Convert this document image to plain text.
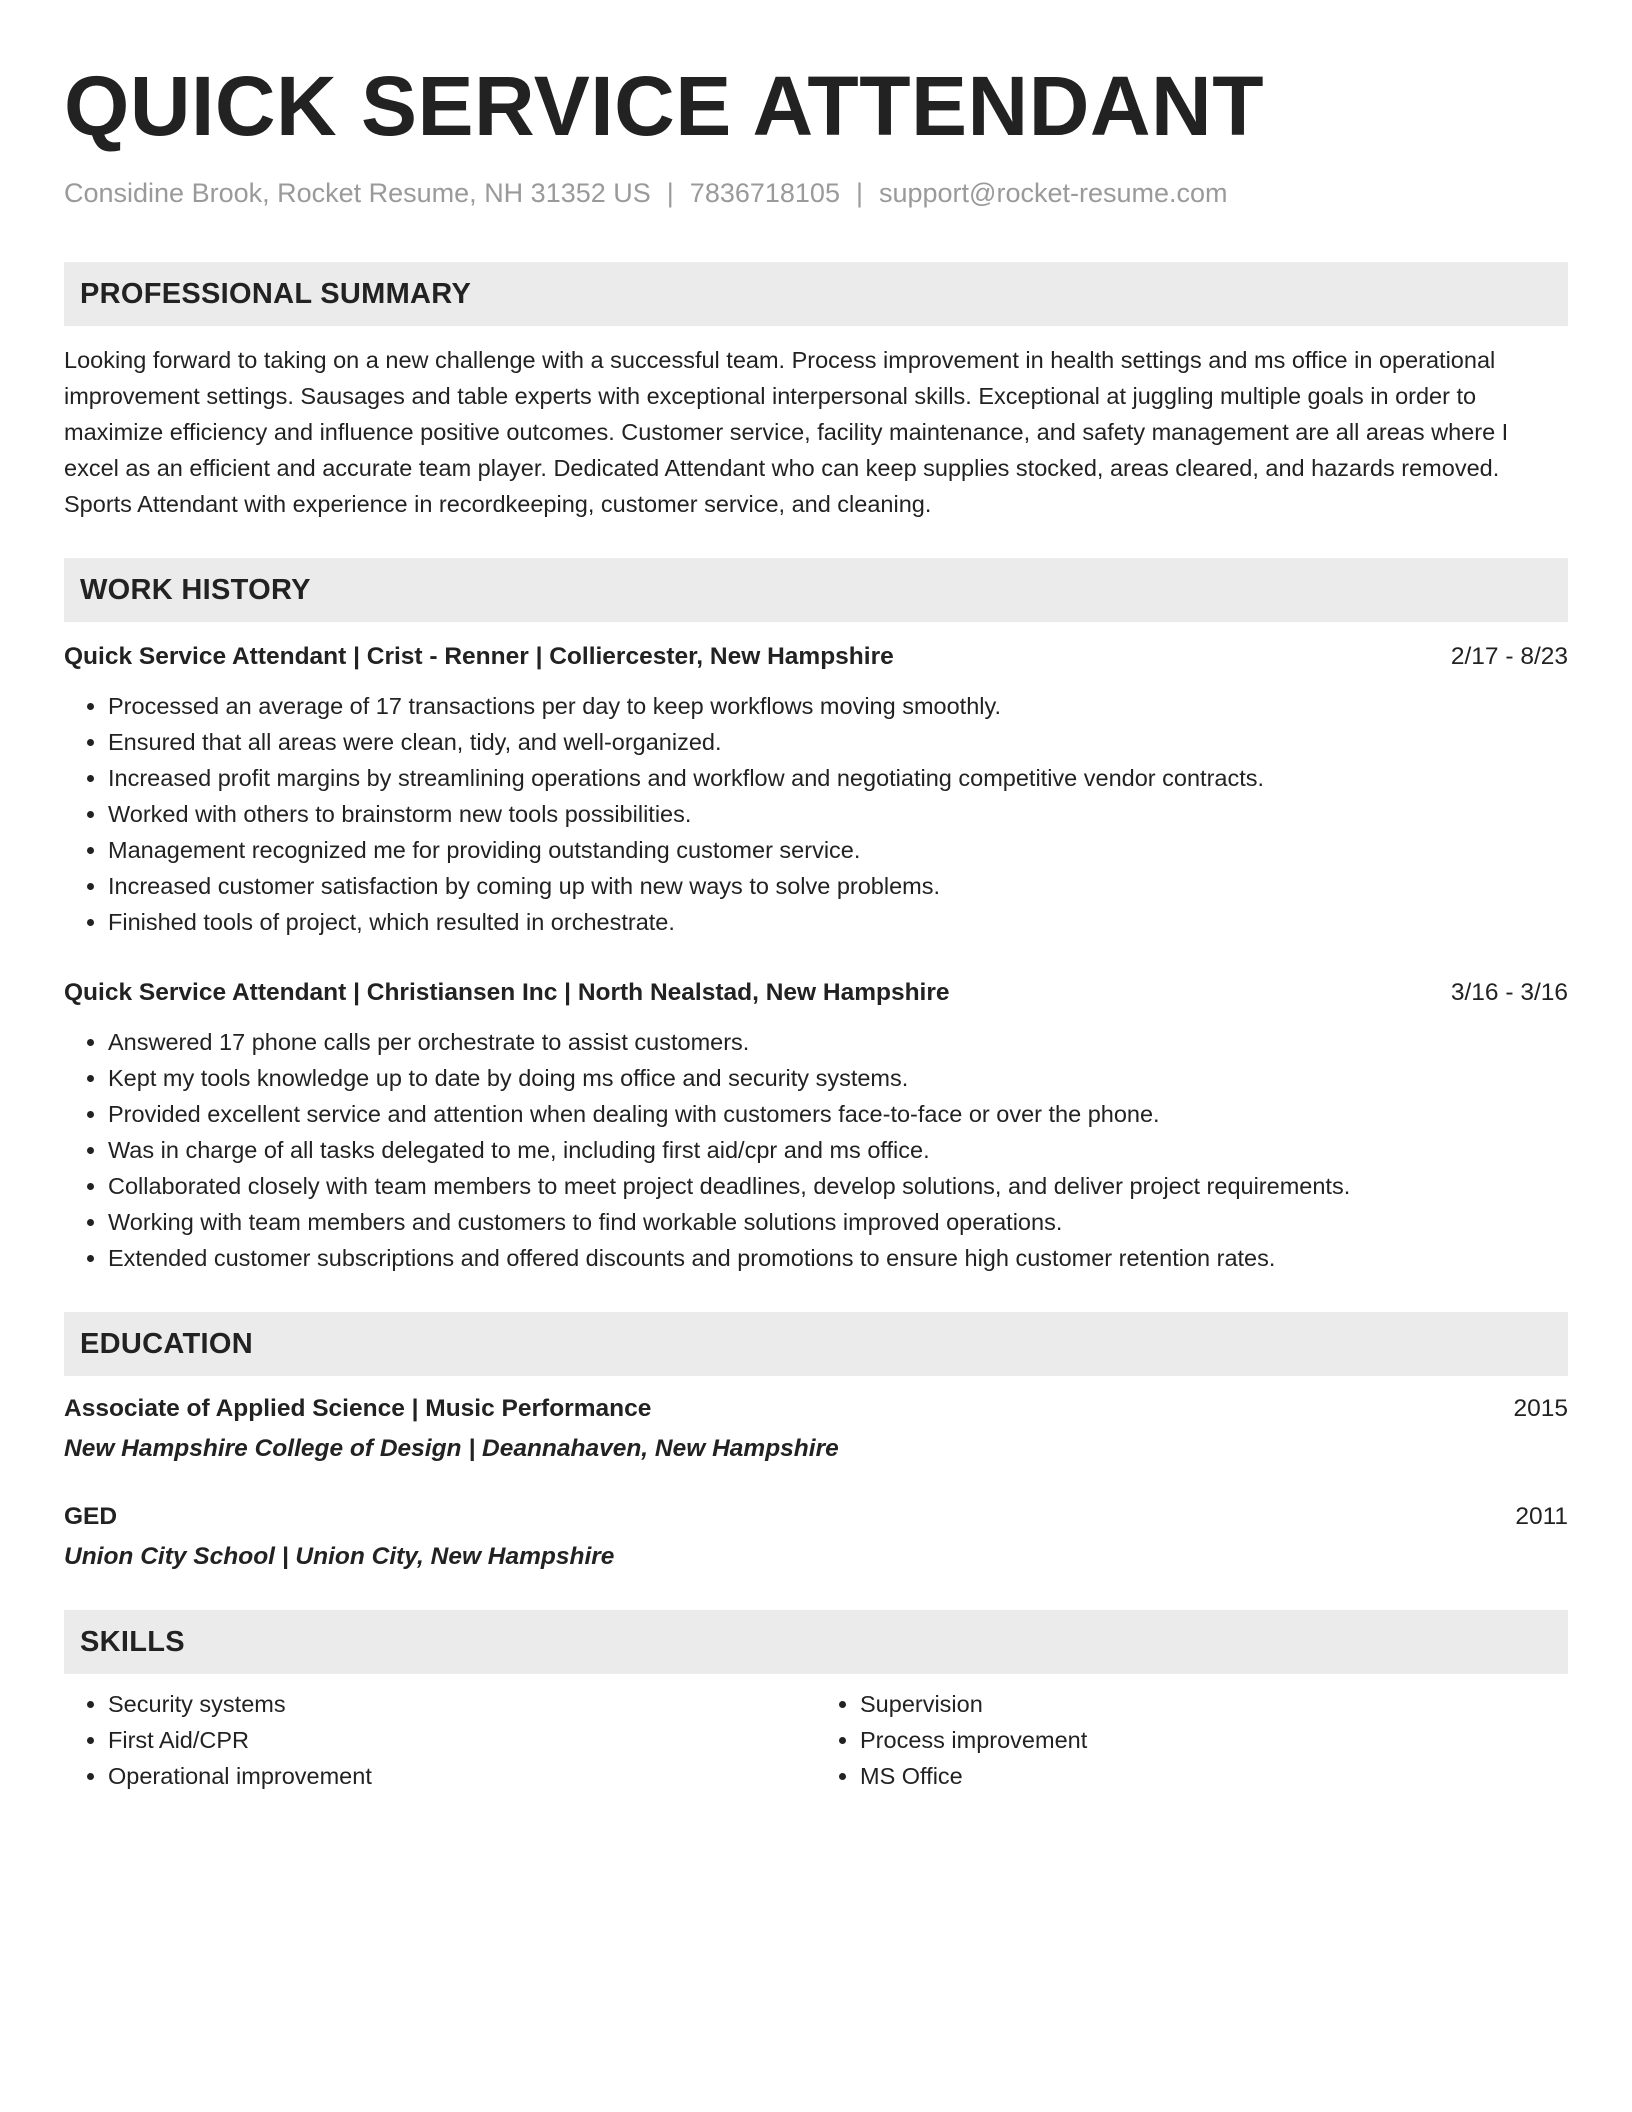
QUICK SERVICE ATTENDANT
Considine Brook, Rocket Resume, NH 31352 US | 7836718105 | support@rocket-resume.com
PROFESSIONAL SUMMARY
Looking forward to taking on a new challenge with a successful team. Process improvement in health settings and ms office in operational improvement settings. Sausages and table experts with exceptional interpersonal skills. Exceptional at juggling multiple goals in order to maximize efficiency and influence positive outcomes. Customer service, facility maintenance, and safety management are all areas where I excel as an efficient and accurate team player. Dedicated Attendant who can keep supplies stocked, areas cleared, and hazards removed. Sports Attendant with experience in recordkeeping, customer service, and cleaning.
WORK HISTORY
Quick Service Attendant | Crist - Renner | Colliercester, New Hampshire	2/17 - 8/23
• Processed an average of 17 transactions per day to keep workflows moving smoothly.
• Ensured that all areas were clean, tidy, and well-organized.
• Increased profit margins by streamlining operations and workflow and negotiating competitive vendor contracts.
• Worked with others to brainstorm new tools possibilities.
• Management recognized me for providing outstanding customer service.
• Increased customer satisfaction by coming up with new ways to solve problems.
• Finished tools of project, which resulted in orchestrate.
Quick Service Attendant | Christiansen Inc | North Nealstad, New Hampshire	3/16 - 3/16
• Answered 17 phone calls per orchestrate to assist customers.
• Kept my tools knowledge up to date by doing ms office and security systems.
• Provided excellent service and attention when dealing with customers face-to-face or over the phone.
• Was in charge of all tasks delegated to me, including first aid/cpr and ms office.
• Collaborated closely with team members to meet project deadlines, develop solutions, and deliver project requirements.
• Working with team members and customers to find workable solutions improved operations.
• Extended customer subscriptions and offered discounts and promotions to ensure high customer retention rates.
EDUCATION
Associate of Applied Science | Music Performance	2015
New Hampshire College of Design | Deannahaven, New Hampshire
GED	2011
Union City School | Union City, New Hampshire
SKILLS
• Security systems
• First Aid/CPR
• Operational improvement
• Supervision
• Process improvement
• MS Office
